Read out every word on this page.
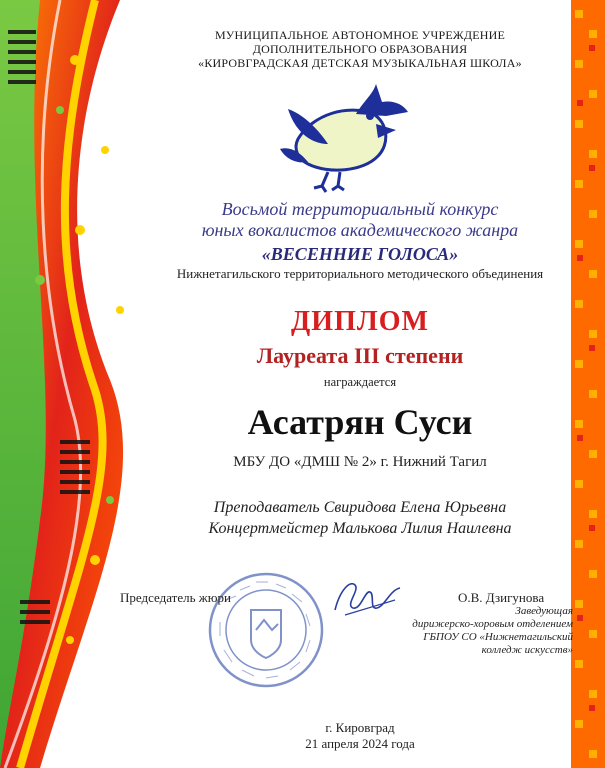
МУНИЦИПАЛЬНОЕ АВТОНОМНОЕ УЧРЕЖДЕНИЕ
ДОПОЛНИТЕЛЬНОГО ОБРАЗОВАНИЯ
«КИРОВГРАДСКАЯ ДЕТСКАЯ МУЗЫКАЛЬНАЯ ШКОЛА»
Восьмой территориальный конкурс
юных вокалистов академического жанра
«ВЕСЕННИЕ ГОЛОСА»
Нижнетагильского территориального методического объединения
ДИПЛОМ
Лауреата III степени
награждается
Асатрян Суси
МБУ ДО «ДМШ № 2» г. Нижний Тагил
Преподаватель Свиридова Елена Юрьевна
Концертмейстер Малькова Лилия Наилевна
Председатель жюри	О.В. Дзигунова
Заведующая
дирижерско-хоровым отделением
ГБПОУ СО «Нижнетагильский
колледж искусств»
г. Кировград
21 апреля 2024 года
